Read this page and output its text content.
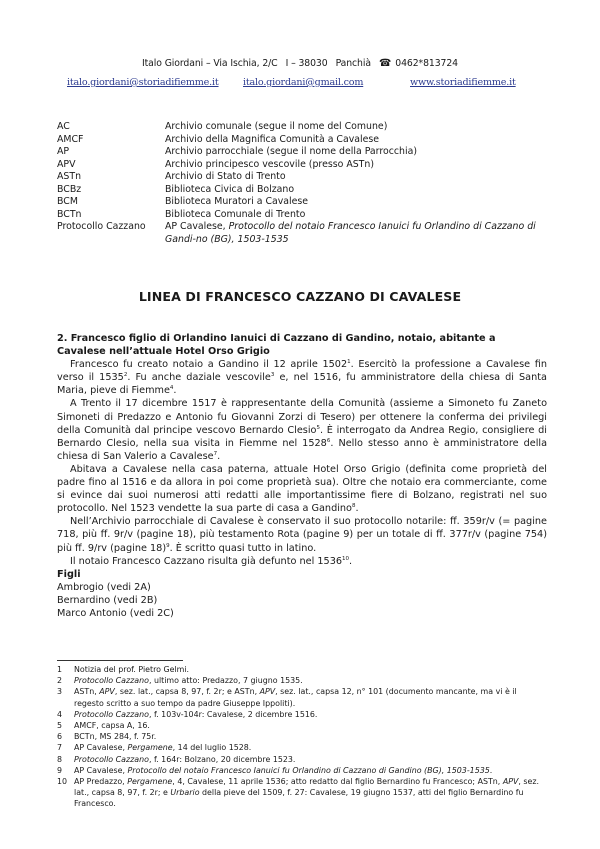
Italo Giordani – Via Ischia, 2/C I – 38030 Panchià ☎ 0462*813724
italo.giordani@storiadifiemme.it	italo.giordani@gmail.com	www.storiadifiemme.it
AC	Archivio comunale (segue il nome del Comune)
AMCF	Archivio della Magnifica Comunità a Cavalese
AP	Archivio parrocchiale (segue il nome della Parrocchia)
APV	Archivio principesco vescovile (presso ASTn)
ASTn	Archivio di Stato di Trento
BCBz	Biblioteca Civica di Bolzano
BCM	Biblioteca Muratori a Cavalese
BCTn	Biblioteca Comunale di Trento
Protocollo Cazzano	AP Cavalese, Protocollo del notaio Francesco Ianuici fu Orlandino di Cazzano di Gandi-no (BG), 1503-1535
LINEA DI FRANCESCO CAZZANO DI CAVALESE
2. Francesco figlio di Orlandino Ianuici di Cazzano di Gandino, notaio, abitante a Cavalese nell’attuale Hotel Orso Grigio

Francesco fu creato notaio a Gandino il 12 aprile 1502$^1$. Esercitò la professione a Cavalese fin verso il 1535$^2$. Fu anche daziale vescovile$^3$ e, nel 1516, fu amministratore della chiesa di Santa Maria, pieve di Fiemme$^4$.

A Trento il 17 dicembre 1517 è rappresentante della Comunità (assieme a Simoneto fu Zaneto Simoneti di Predazzo e Antonio fu Giovanni Zorzi di Tesero) per ottenere la conferma dei privilegi della Comunità dal principe vescovo Bernardo Clesio$^5$. È interrogato da Andrea Regio, consigliere di Bernardo Clesio, nella sua visita in Fiemme nel 1528$^6$. Nello stesso anno è amministratore della chiesa di San Valerio a Cavalese$^7$.

Abitava a Cavalese nella casa paterna, attuale Hotel Orso Grigio (definita come proprietà del padre fino al 1516 e da allora in poi come proprietà sua). Oltre che notaio era commerciante, come si evince dai suoi numerosi atti redatti alle importantissime fiere di Bolzano, registrati nel suo protocollo. Nel 1523 vendette la sua parte di casa a Gandino$^8$.

Nell’Archivio parrocchiale di Cavalese è conservato il suo protocollo notarile: ff. 359r/v (= pagine 718, più ff. 9r/v (pagine 18), più testamento Rota (pagine 9) per un totale di ff. 377r/v (pagine 754) più ff. 9/rv (pagine 18)$^9$. È scritto quasi tutto in latino.

Il notaio Francesco Cazzano risulta già defunto nel 1536$^{10}$.

Figli
Ambrogio (vedi 2A)
Bernardino (vedi 2B)
Marco Antonio (vedi 2C)
1	Notizia del prof. Pietro Gelmi.
2	Protocollo Cazzano, ultimo atto: Predazzo, 7 giugno 1535.
3	ASTn, APV, sez. lat., capsa 8, 97, f. 2r; e ASTn, APV, sez. lat., capsa 12, n° 101 (documento mancante, ma vi è il regesto scritto a suo tempo da padre Giuseppe Ippoliti).
4	Protocollo Cazzano, f. 103v-104r: Cavalese, 2 dicembre 1516.
5	AMCF, capsa A, 16.
6	BCTn, MS 284, f. 75r.
7	AP Cavalese, Pergamene, 14 del luglio 1528.
8	Protocollo Cazzano, f. 164r: Bolzano, 20 dicembre 1523.
9	AP Cavalese, Protocollo del notaio Francesco Ianuici fu Orlandino di Cazzano di Gandino (BG), 1503-1535.
10 AP Predazzo, Pergamene, 4, Cavalese, 11 aprile 1536; atto redatto dal figlio Bernardino fu Francesco; ASTn, APV, sez. lat., capsa 8, 97, f. 2r; e Urbario della pieve del 1509, f. 27: Cavalese, 19 giugno 1537, atti del figlio Bernardino fu Francesco.
